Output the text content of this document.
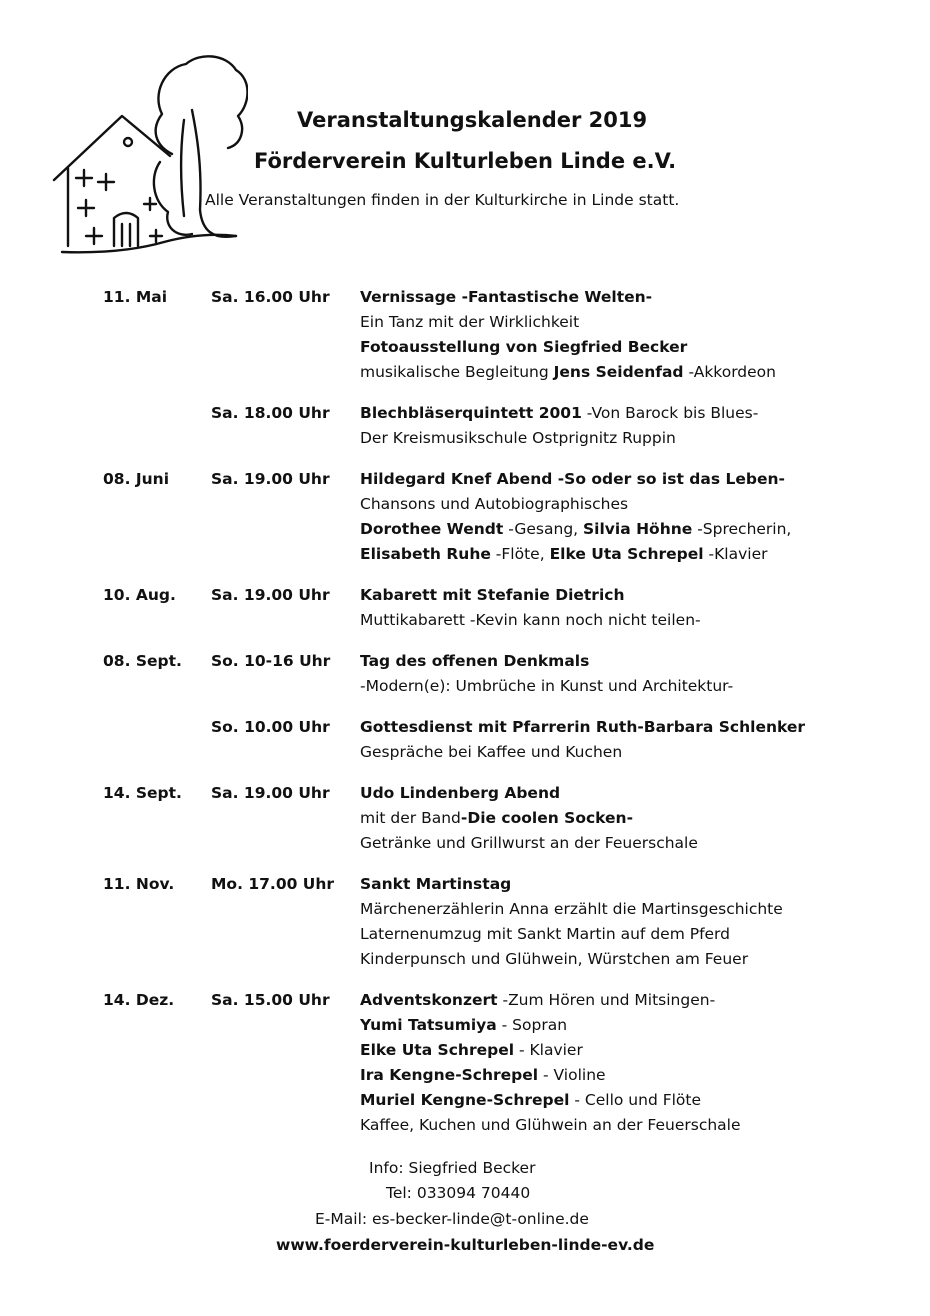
Veranstaltungskalender 2019
Förderverein Kulturleben Linde e.V.
Alle Veranstaltungen finden in der Kulturkirche in Linde statt.
11. Mai	Sa. 16.00 Uhr Vernissage -Fantastische Welten-
Ein Tanz mit der Wirklichkeit
Fotoausstellung von Siegfried Becker
musikalische Begleitung Jens Seidenfad -Akkordeon
Sa. 18.00 Uhr Blechbläserquintett 2001 -Von Barock bis Blues-
Der Kreismusikschule Ostprignitz Ruppin
08. Juni	Sa. 19.00 Uhr Hildegard Knef Abend -So oder so ist das Leben-
Chansons und Autobiographisches
Dorothee Wendt -Gesang, Silvia Höhne -Sprecherin,
Elisabeth Ruhe -Flöte, Elke Uta Schrepel -Klavier
10. Aug. Sa. 19.00 Uhr Kabarett mit Stefanie Dietrich
Muttikabarett -Kevin kann noch nicht teilen-
08. Sept. So. 10-16 Uhr Tag des offenen Denkmals
-Modern(e): Umbrüche in Kunst und Architektur-
So. 10.00 Uhr Gottesdienst mit Pfarrerin Ruth-Barbara Schlenker
Gespräche bei Kaffee und Kuchen
14. Sept. Sa. 19.00 Uhr Udo Lindenberg Abend
mit der Band-Die coolen Socken-
Getränke und Grillwurst an der Feuerschale
11. Nov. Mo. 17.00 Uhr Sankt Martinstag
Märchenerzählerin Anna erzählt die Martinsgeschichte
Laternenumzug mit Sankt Martin auf dem Pferd
Kinderpunsch und Glühwein, Würstchen am Feuer
14. Dez. Sa. 15.00 Uhr Adventskonzert -Zum Hören und Mitsingen-
Yumi Tatsumiya - Sopran
Elke Uta Schrepel - Klavier
Ira Kengne-Schrepel - Violine
Muriel Kengne-Schrepel - Cello und Flöte
Kaffee, Kuchen und Glühwein an der Feuerschale
Info: Siegfried Becker
Tel: 033094 70440
E-Mail: es-becker-linde@t-online.de
www.foerderverein-kulturleben-linde-ev.de
